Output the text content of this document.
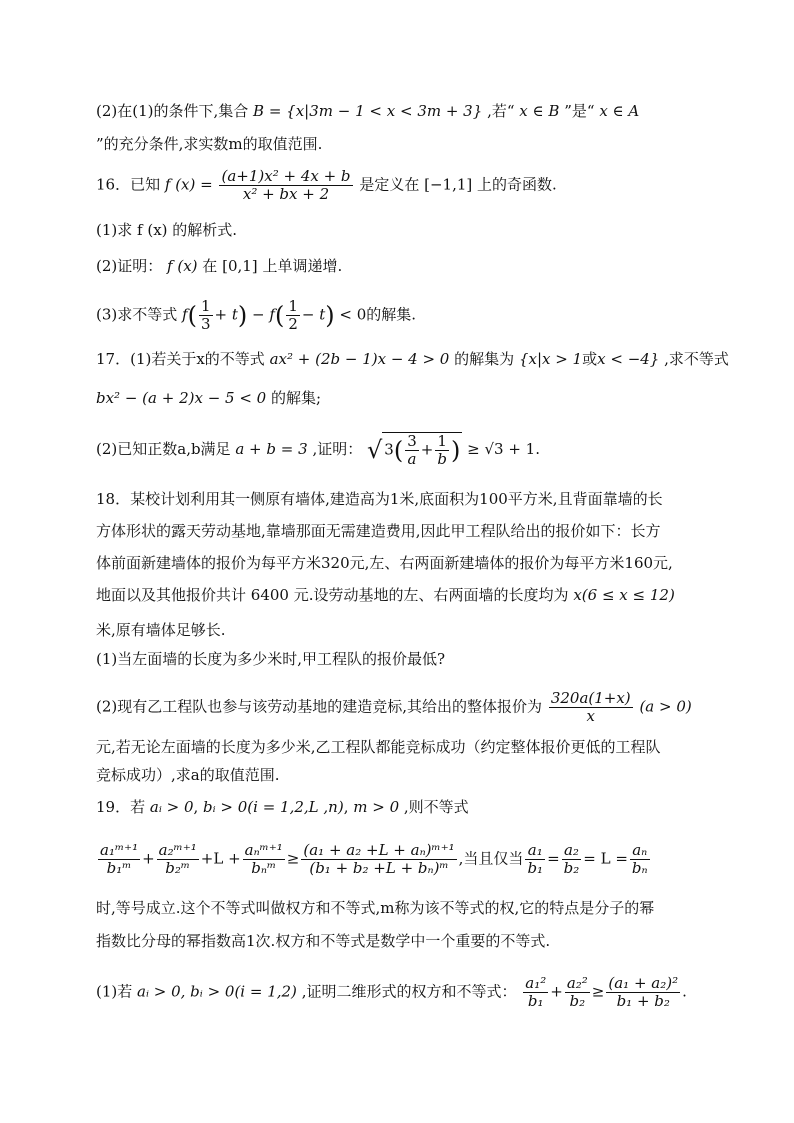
(2)在(1)的条件下,集合 B = {x|3m − 1 < x < 3m + 3} ,若“ x ∈ B ”是“ x ∈ A
”的充分条件,求实数m的取值范围.
16．已知 f $(x) = \frac{\text{(a+1)x² + 4x + b}}{\text{x² + bx + 2}}$ 是定义在 [−1,1] 上的奇函数.
(1)求 f (x) 的解析式.
(2)证明： f (x) 在 [0,1] 上单调递增.
(3)求不等式 $f( \frac{1}{3} + t) - f( \frac{1}{2} - t) < 0$的解集.
17．(1)若关于x的不等式 ax² + (2b − 1)x − 4 > 0 的解集为 {x|x > 1或x < −4} ,求不等式
bx² − (a + 2)x − 5 < 0 的解集;
(2)已知正数a,b满足 a + b = 3 ,证明： √ $3( \frac{3}{a} + \frac{1}{b}$ ) ≥ √3 + 1.
18．某校计划利用其一侧原有墙体,建造高为1米,底面积为100平方米,且背面靠墙的长
方体形状的露天劳动基地,靠墙那面无需建造费用,因此甲工程队给出的报价如下：长方
体前面新建墙体的报价为每平方米320元,左、右两面新建墙体的报价为每平方米160元,
地面以及其他报价共计 6400 元.设劳动基地的左、右两面墙的长度均为 x(6 ≤ x ≤ 12)
米,原有墙体足够长.
(1)当左面墙的长度为多少米时,甲工程队的报价最低?
(2)现有乙工程队也参与该劳动基地的建造竞标,其给出的整体报价为 $\frac{320a(1+x)}{x} (a > 0)$
元,若无论左面墙的长度为多少米,乙工程队都能竞标成功（约定整体报价更低的工程队
竞标成功）,求a的取值范围.
19．若 aᵢ > 0, bᵢ > 0(i = 1,2,L ,n), m > 0 ,则不等式
$\frac{\text{a₁ᵐ⁺¹}}{\text{b₁ᵐ}} + \frac{\text{a₂ᵐ⁺¹}}{\text{b₂ᵐ}} +L + \frac{\text{aₙᵐ⁺¹}}{\text{bₙᵐ}} \ge \frac{\text{(a₁ + a₂ +L + aₙ)ᵐ⁺¹}}{\text{(b₁ + b₂ +L + bₙ)ᵐ}}$ ,当且仅当 $\frac{\text{a₁}}{\text{b₁}} = \frac{\text{a₂}}{\text{b₂}} = L = \frac{\text{aₙ}}{\text{bₙ}}$
时,等号成立.这个不等式叫做权方和不等式,m称为该不等式的权,它的特点是分子的幂
指数比分母的幂指数高1次.权方和不等式是数学中一个重要的不等式.
(1)若 aᵢ > 0, bᵢ > 0(i = 1,2) ,证明二维形式的权方和不等式： $\frac{\text{a₁²}}{\text{b₁}} + \frac{\text{a₂²}}{\text{b₂}} \ge \frac{\text{(a₁ + a₂)²}}{\text{b₁ + b₂}}$ .
